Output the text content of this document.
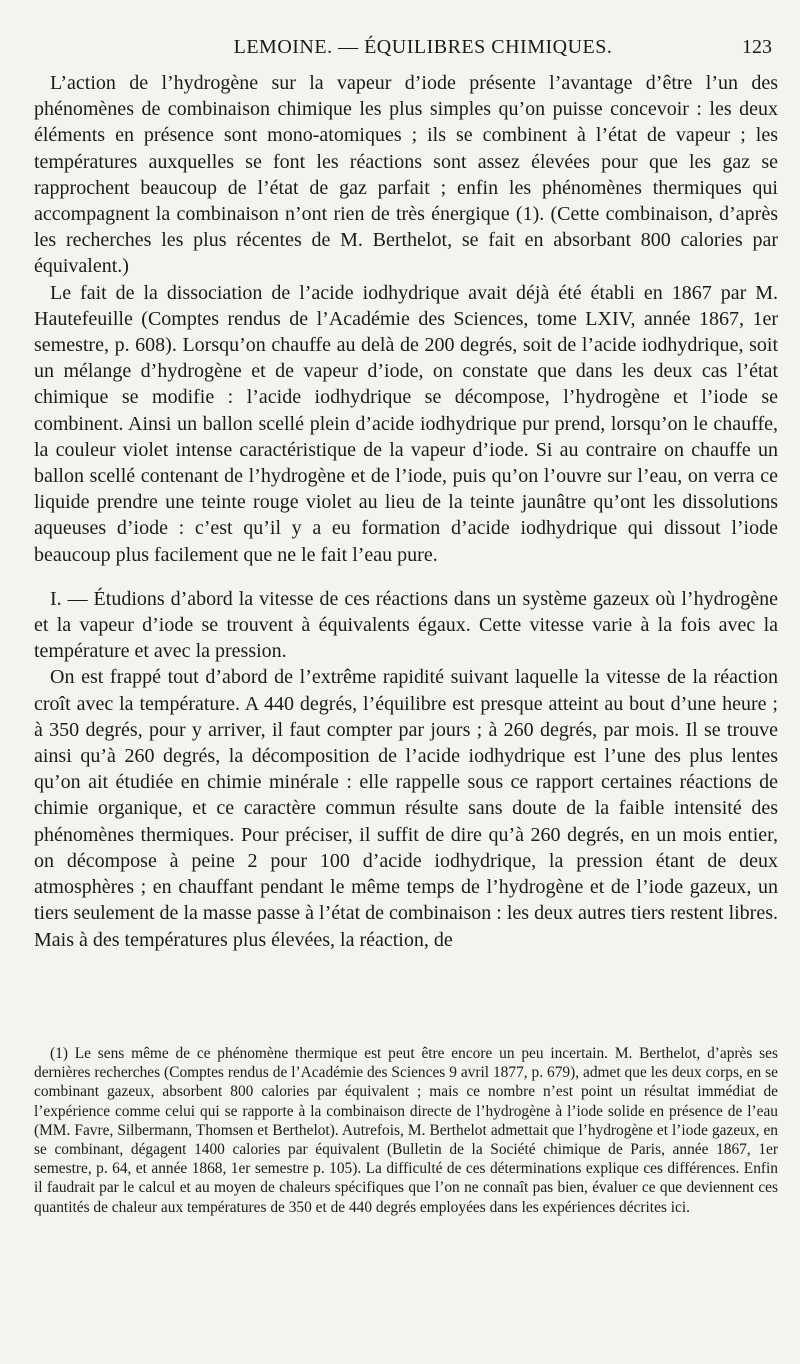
LEMOINE. — ÉQUILIBRES CHIMIQUES.	123

L’action de l’hydrogène sur la vapeur d’iode présente l’avantage d’être l’un des phénomènes de combinaison chimique les plus simples qu’on puisse concevoir : les deux éléments en présence sont mono-atomiques ; ils se combinent à l’état de vapeur ; les températures auxquelles se font les réactions sont assez élevées pour que les gaz se rapprochent beaucoup de l’état de gaz parfait ; enfin les phénomènes thermiques qui accompagnent la combinaison n’ont rien de très énergique (1). (Cette combinaison, d’après les recherches les plus récentes de M. Berthelot, se fait en absorbant 800 calories par équivalent.)

Le fait de la dissociation de l’acide iodhydrique avait déjà été établi en 1867 par M. Hautefeuille (Comptes rendus de l’Académie des Sciences, tome LXIV, année 1867, 1er semestre, p. 608). Lorsqu’on chauffe au delà de 200 degrés, soit de l’acide iodhydrique, soit un mélange d’hydrogène et de vapeur d’iode, on constate que dans les deux cas l’état chimique se modifie : l’acide iodhydrique se décompose, l’hydrogène et l’iode se combinent. Ainsi un ballon scellé plein d’acide iodhydrique pur prend, lorsqu’on le chauffe, la couleur violet intense caractéristique de la vapeur d’iode. Si au contraire on chauffe un ballon scellé contenant de l’hydrogène et de l’iode, puis qu’on l’ouvre sur l’eau, on verra ce liquide prendre une teinte rouge violet au lieu de la teinte jaunâtre qu’ont les dissolutions aqueuses d’iode : c’est qu’il y a eu formation d’acide iodhydrique qui dissout l’iode beaucoup plus facilement que ne le fait l’eau pure.

I. — Étudions d’abord la vitesse de ces réactions dans un système gazeux où l’hydrogène et la vapeur d’iode se trouvent à équivalents égaux. Cette vitesse varie à la fois avec la température et avec la pression.

On est frappé tout d’abord de l’extrême rapidité suivant laquelle la vitesse de la réaction croît avec la température. A 440 degrés, l’équilibre est presque atteint au bout d’une heure ; à 350 degrés, pour y arriver, il faut compter par jours ; à 260 degrés, par mois. Il se trouve ainsi qu’à 260 degrés, la décomposition de l’acide iodhydrique est l’une des plus lentes qu’on ait étudiée en chimie minérale : elle rappelle sous ce rapport certaines réactions de chimie organique, et ce caractère commun résulte sans doute de la faible intensité des phénomènes thermiques. Pour préciser, il suffit de dire qu’à 260 degrés, en un mois entier, on décompose à peine 2 pour 100 d’acide iodhydrique, la pression étant de deux atmosphères ; en chauffant pendant le même temps de l’hydrogène et de l’iode gazeux, un tiers seulement de la masse passe à l’état de combinaison : les deux autres tiers restent libres. Mais à des températures plus élevées, la réaction, de

(1) Le sens même de ce phénomène thermique est peut être encore un peu incertain. M. Berthelot, d’après ses dernières recherches (Comptes rendus de l’Académie des Sciences 9 avril 1877, p. 679), admet que les deux corps, en se combinant gazeux, absorbent 800 calories par équivalent ; mais ce nombre n’est point un résultat immédiat de l’expérience comme celui qui se rapporte à la combinaison directe de l’hydrogène à l’iode solide en présence de l’eau (MM. Favre, Silbermann, Thomsen et Berthelot). Autrefois, M. Berthelot admettait que l’hydrogène et l’iode gazeux, en se combinant, dégagent 1400 calories par équivalent (Bulletin de la Société chimique de Paris, année 1867, 1er semestre, p. 64, et année 1868, 1er semestre p. 105). La difficulté de ces déterminations explique ces différences. Enfin il faudrait par le calcul et au moyen de chaleurs spécifiques que l’on ne connaît pas bien, évaluer ce que deviennent ces quantités de chaleur aux températures de 350 et de 440 degrés employées dans les expériences décrites ici.
